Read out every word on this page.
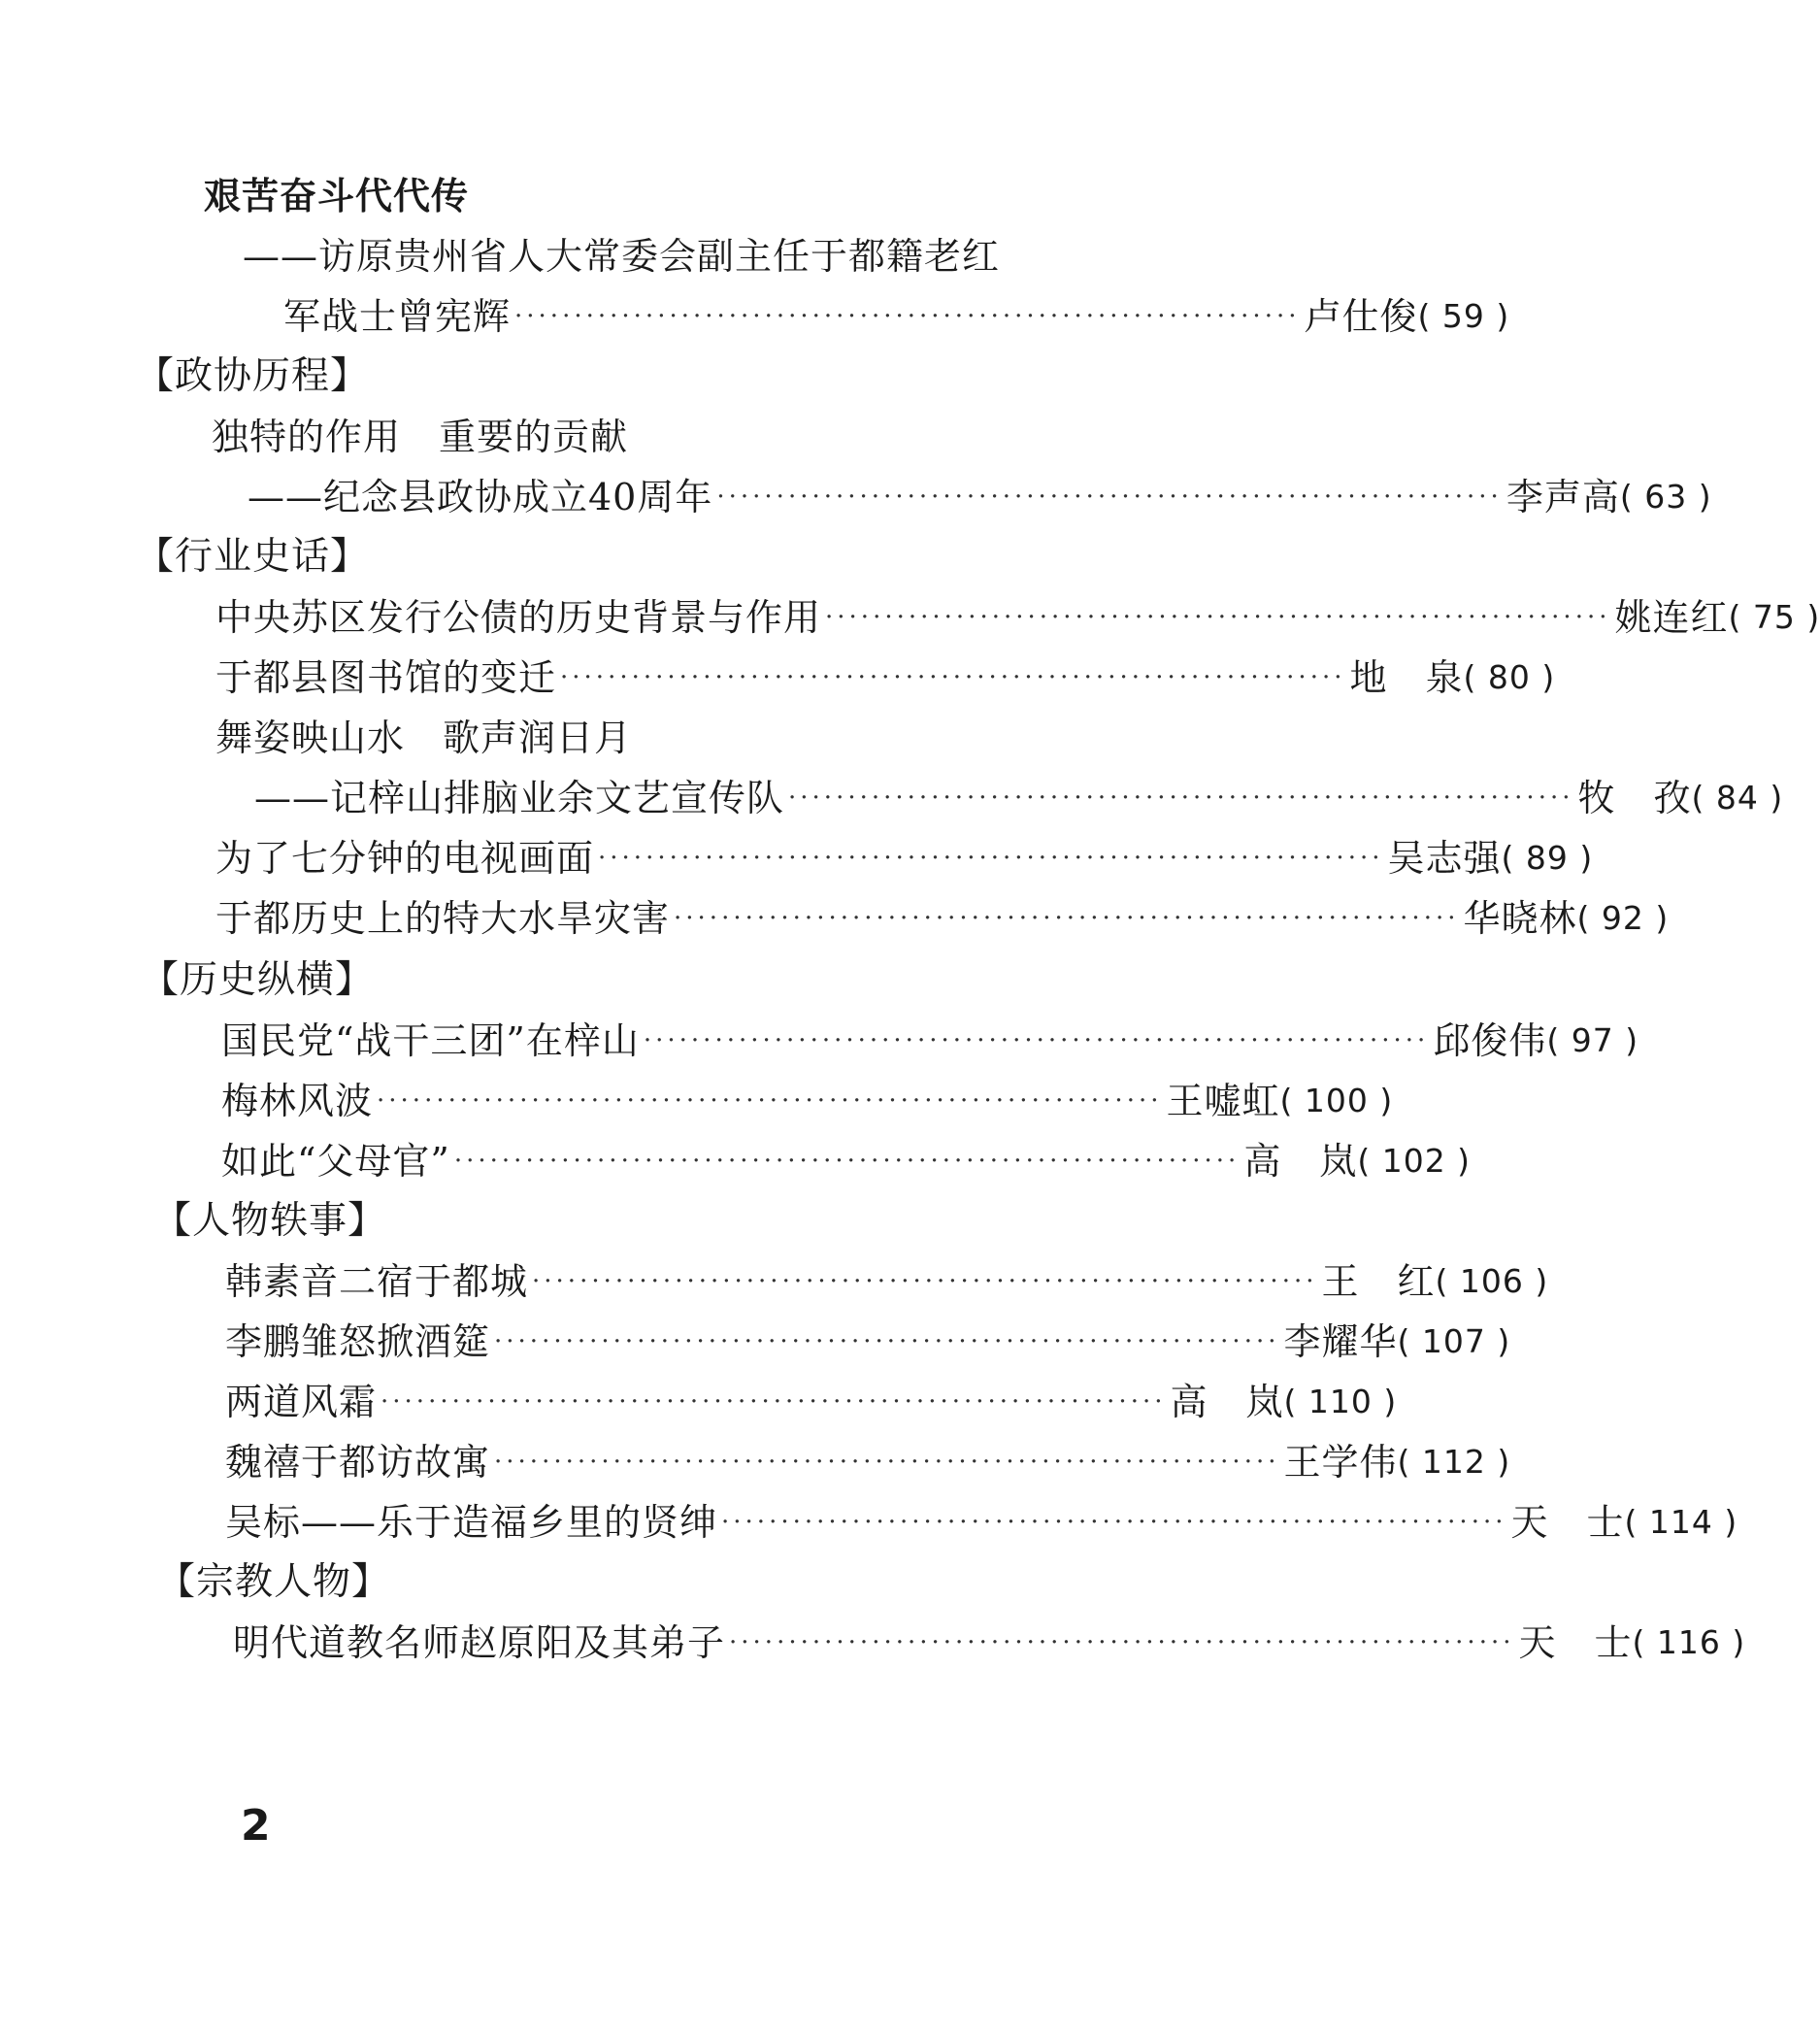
艰苦奋斗代代传
——访原贵州省人大常委会副主任于都籍老红
军战士曾宪辉 ·································································· 卢仕俊 ( 59 )
【政协历程】
独特的作用　重要的贡献
——纪念县政协成立40周年 ·································································· 李声高 ( 63 )
【行业史话】
中央苏区发行公债的历史背景与作用 ·································································· 姚连红 ( 75 )
于都县图书馆的变迁 ·································································· 地　泉 ( 80 )
舞姿映山水　歌声润日月
——记梓山排脑业余文艺宣传队 ·································································· 牧　孜 ( 84 )
为了七分钟的电视画面 ·································································· 吴志强 ( 89 )
于都历史上的特大水旱灾害 ·································································· 华晓林 ( 92 )
【历史纵横】
国民党“战干三团”在梓山 ·································································· 邱俊伟 ( 97 )
梅林风波 ·································································· 王嘘虹 ( 100 )
如此“父母官” ·································································· 高　岚 ( 102 )
【人物轶事】
韩素音二宿于都城 ·································································· 王　红 ( 106 )
李鹏雏怒掀酒筵 ·································································· 李耀华 ( 107 )
两道风霜 ·································································· 高　岚 ( 110 )
魏禧于都访故寓 ·································································· 王学伟 ( 112 )
吴标——乐于造福乡里的贤绅 ·································································· 天　士 ( 114 )
【宗教人物】
明代道教名师赵原阳及其弟子 ·································································· 天　士 ( 116 )
2
